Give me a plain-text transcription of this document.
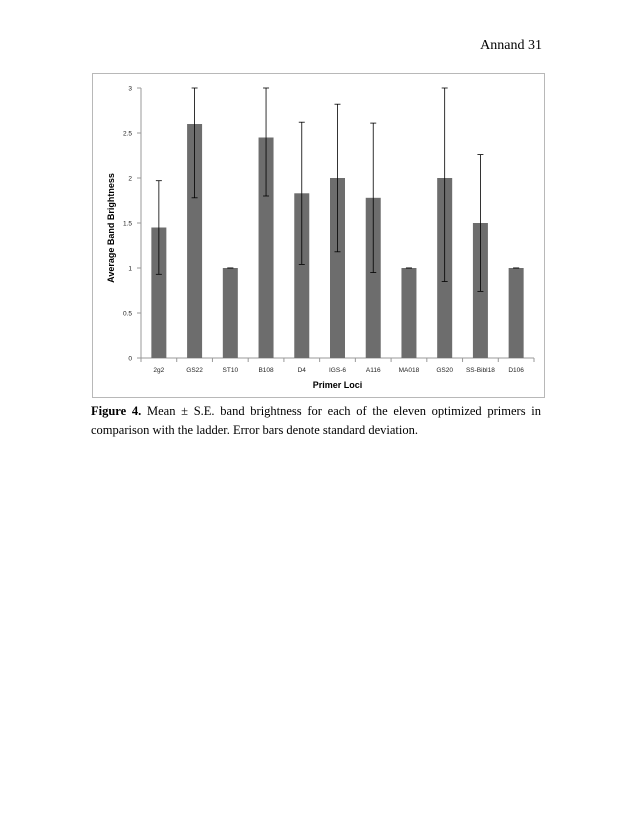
Annand 31
0
0.5
1
1.5
2
2.5
3
2g2	GS22	ST10	B108	D4	IGS-6	A116	MA018	GS20 SS-Bibl18 D106
Primer Loci
Average Band Brightness
Figure 4. Mean ± S.E. band brightness for each of the eleven optimized primers in comparison with the ladder. Error bars denote standard deviation.
